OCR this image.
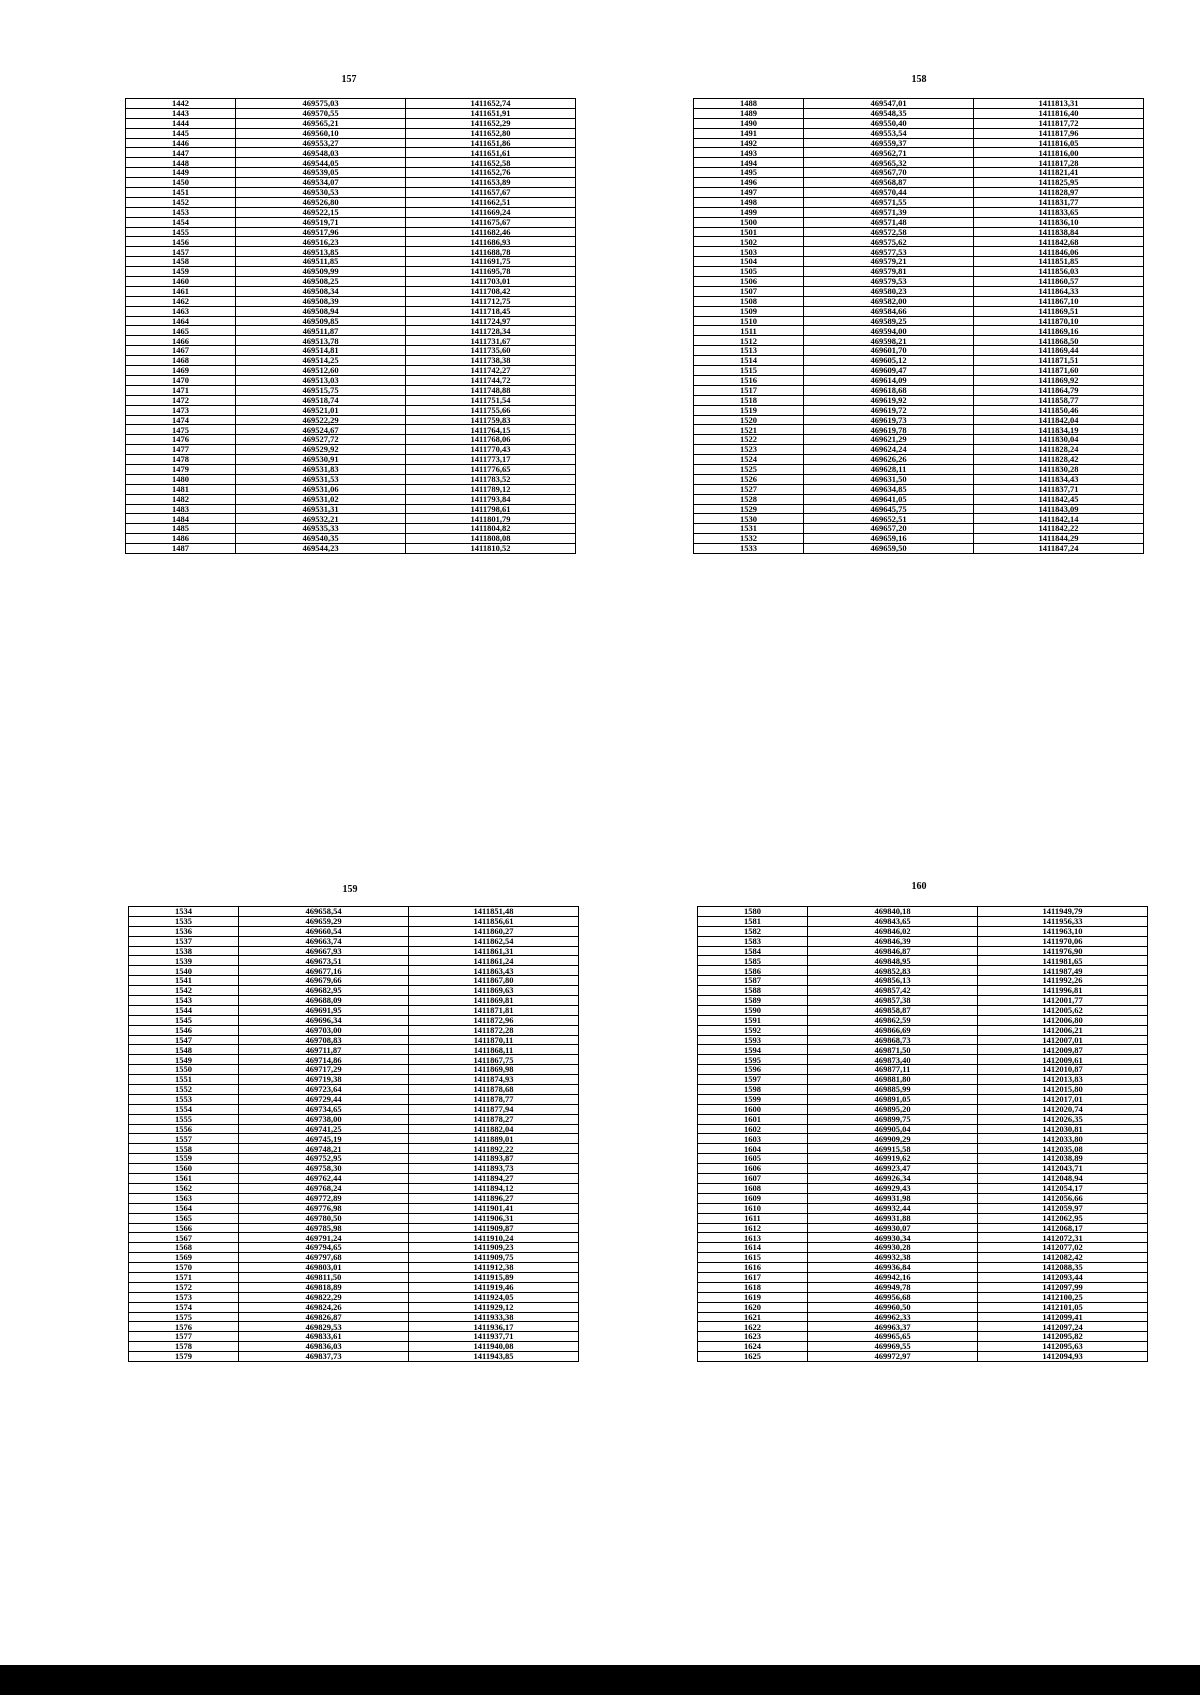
157
1442	469575,03	1411652,74
1443	469570,55	1411651,91
1444	469565,21	1411652,29
1445	469560,10	1411652,80
1446	469553,27	1411651,86
1447	469548,03	1411651,61
1448	469544,05	1411652,58
1449	469539,05	1411652,76
1450	469534,07	1411653,89
1451	469530,53	1411657,67
1452	469526,80	1411662,51
1453	469522,15	1411669,24
1454	469519,71	1411675,67
1455	469517,96	1411682,46
1456	469516,23	1411686,93
1457	469513,85	1411688,78
1458	469511,85	1411691,75
1459	469509,99	1411695,78
1460	469508,25	1411703,01
1461	469508,34	1411708,42
1462	469508,39	1411712,75
1463	469508,94	1411718,45
1464	469509,85	1411724,97
1465	469511,87	1411728,34
1466	469513,78	1411731,67
1467	469514,81	1411735,60
1468	469514,25	1411738,38
1469	469512,60	1411742,27
1470	469513,03	1411744,72
1471	469515,75	1411748,88
1472	469518,74	1411751,54
1473	469521,01	1411755,66
1474	469522,29	1411759,83
1475	469524,67	1411764,15
1476	469527,72	1411768,06
1477	469529,92	1411770,43
1478	469530,91	1411773,17
1479	469531,83	1411776,65
1480	469531,53	1411783,52
1481	469531,06	1411789,12
1482	469531,02	1411793,84
1483	469531,31	1411798,61
1484	469532,21	1411801,79
1485	469535,33	1411804,82
1486	469540,35	1411808,08
1487	469544,23	1411810,52
158
1488	469547,01	1411813,31
1489	469548,35	1411816,40
1490	469550,40	1411817,72
1491	469553,54	1411817,96
1492	469559,37	1411816,05
1493	469562,71	1411816,00
1494	469565,32	1411817,28
1495	469567,70	1411821,41
1496	469568,87	1411825,95
1497	469570,44	1411828,97
1498	469571,55	1411831,77
1499	469571,39	1411833,65
1500	469571,48	1411836,10
1501	469572,58	1411838,84
1502	469575,62	1411842,68
1503	469577,53	1411846,06
1504	469579,21	1411851,85
1505	469579,81	1411856,03
1506	469579,53	1411860,57
1507	469580,23	1411864,33
1508	469582,00	1411867,10
1509	469584,66	1411869,51
1510	469589,25	1411870,10
1511	469594,00	1411869,16
1512	469598,21	1411868,50
1513	469601,70	1411869,44
1514	469605,12	1411871,51
1515	469609,47	1411871,60
1516	469614,09	1411869,92
1517	469618,68	1411864,79
1518	469619,92	1411858,77
1519	469619,72	1411850,46
1520	469619,73	1411842,04
1521	469619,78	1411834,19
1522	469621,29	1411830,04
1523	469624,24	1411828,24
1524	469626,26	1411828,42
1525	469628,11	1411830,28
1526	469631,50	1411834,43
1527	469634,85	1411837,71
1528	469641,05	1411842,45
1529	469645,75	1411843,09
1530	469652,51	1411842,14
1531	469657,20	1411842,22
1532	469659,16	1411844,29
1533	469659,50	1411847,24
159
1534	469658,54	1411851,48
1535	469659,29	1411856,61
1536	469660,54	1411860,27
1537	469663,74	1411862,54
1538	469667,93	1411861,31
1539	469673,51	1411861,24
1540	469677,16	1411863,43
1541	469679,66	1411867,80
1542	469682,95	1411869,63
1543	469688,09	1411869,81
1544	469691,95	1411871,81
1545	469696,34	1411872,96
1546	469703,00	1411872,28
1547	469708,83	1411870,11
1548	469711,87	1411868,11
1549	469714,86	1411867,75
1550	469717,29	1411869,98
1551	469719,38	1411874,93
1552	469723,64	1411878,68
1553	469729,44	1411878,77
1554	469734,65	1411877,94
1555	469738,00	1411878,27
1556	469741,25	1411882,04
1557	469745,19	1411889,01
1558	469748,21	1411892,22
1559	469752,95	1411893,87
1560	469758,30	1411893,73
1561	469762,44	1411894,27
1562	469768,24	1411894,12
1563	469772,89	1411896,27
1564	469776,98	1411901,41
1565	469780,50	1411906,31
1566	469785,98	1411909,87
1567	469791,24	1411910,24
1568	469794,65	1411909,23
1569	469797,68	1411909,75
1570	469803,01	1411912,38
1571	469811,50	1411915,89
1572	469818,89	1411919,46
1573	469822,29	1411924,05
1574	469824,26	1411929,12
1575	469826,87	1411933,38
1576	469829,53	1411936,17
1577	469833,61	1411937,71
1578	469836,03	1411940,08
1579	469837,73	1411943,85
160
1580	469840,18	1411949,79
1581	469843,65	1411956,33
1582	469846,02	1411963,10
1583	469846,39	1411970,06
1584	469846,87	1411976,90
1585	469848,95	1411981,65
1586	469852,83	1411987,49
1587	469856,13	1411992,26
1588	469857,42	1411996,81
1589	469857,38	1412001,77
1590	469858,87	1412005,62
1591	469862,59	1412006,80
1592	469866,69	1412006,21
1593	469868,73	1412007,01
1594	469871,50	1412009,87
1595	469873,40	1412009,61
1596	469877,11	1412010,87
1597	469881,80	1412013,83
1598	469885,99	1412015,80
1599	469891,05	1412017,01
1600	469895,20	1412020,74
1601	469899,75	1412026,35
1602	469905,04	1412030,81
1603	469909,29	1412033,80
1604	469915,58	1412035,08
1605	469919,62	1412038,89
1606	469923,47	1412043,71
1607	469926,34	1412048,94
1608	469929,43	1412054,17
1609	469931,98	1412056,66
1610	469932,44	1412059,97
1611	469931,88	1412062,95
1612	469930,07	1412068,17
1613	469930,34	1412072,31
1614	469930,28	1412077,02
1615	469932,38	1412082,42
1616	469936,84	1412088,35
1617	469942,16	1412093,44
1618	469949,78	1412097,99
1619	469956,68	1412100,25
1620	469960,50	1412101,05
1621	469962,33	1412099,41
1622	469963,37	1412097,24
1623	469965,65	1412095,82
1624	469969,55	1412095,63
1625	469972,97	1412094,93
